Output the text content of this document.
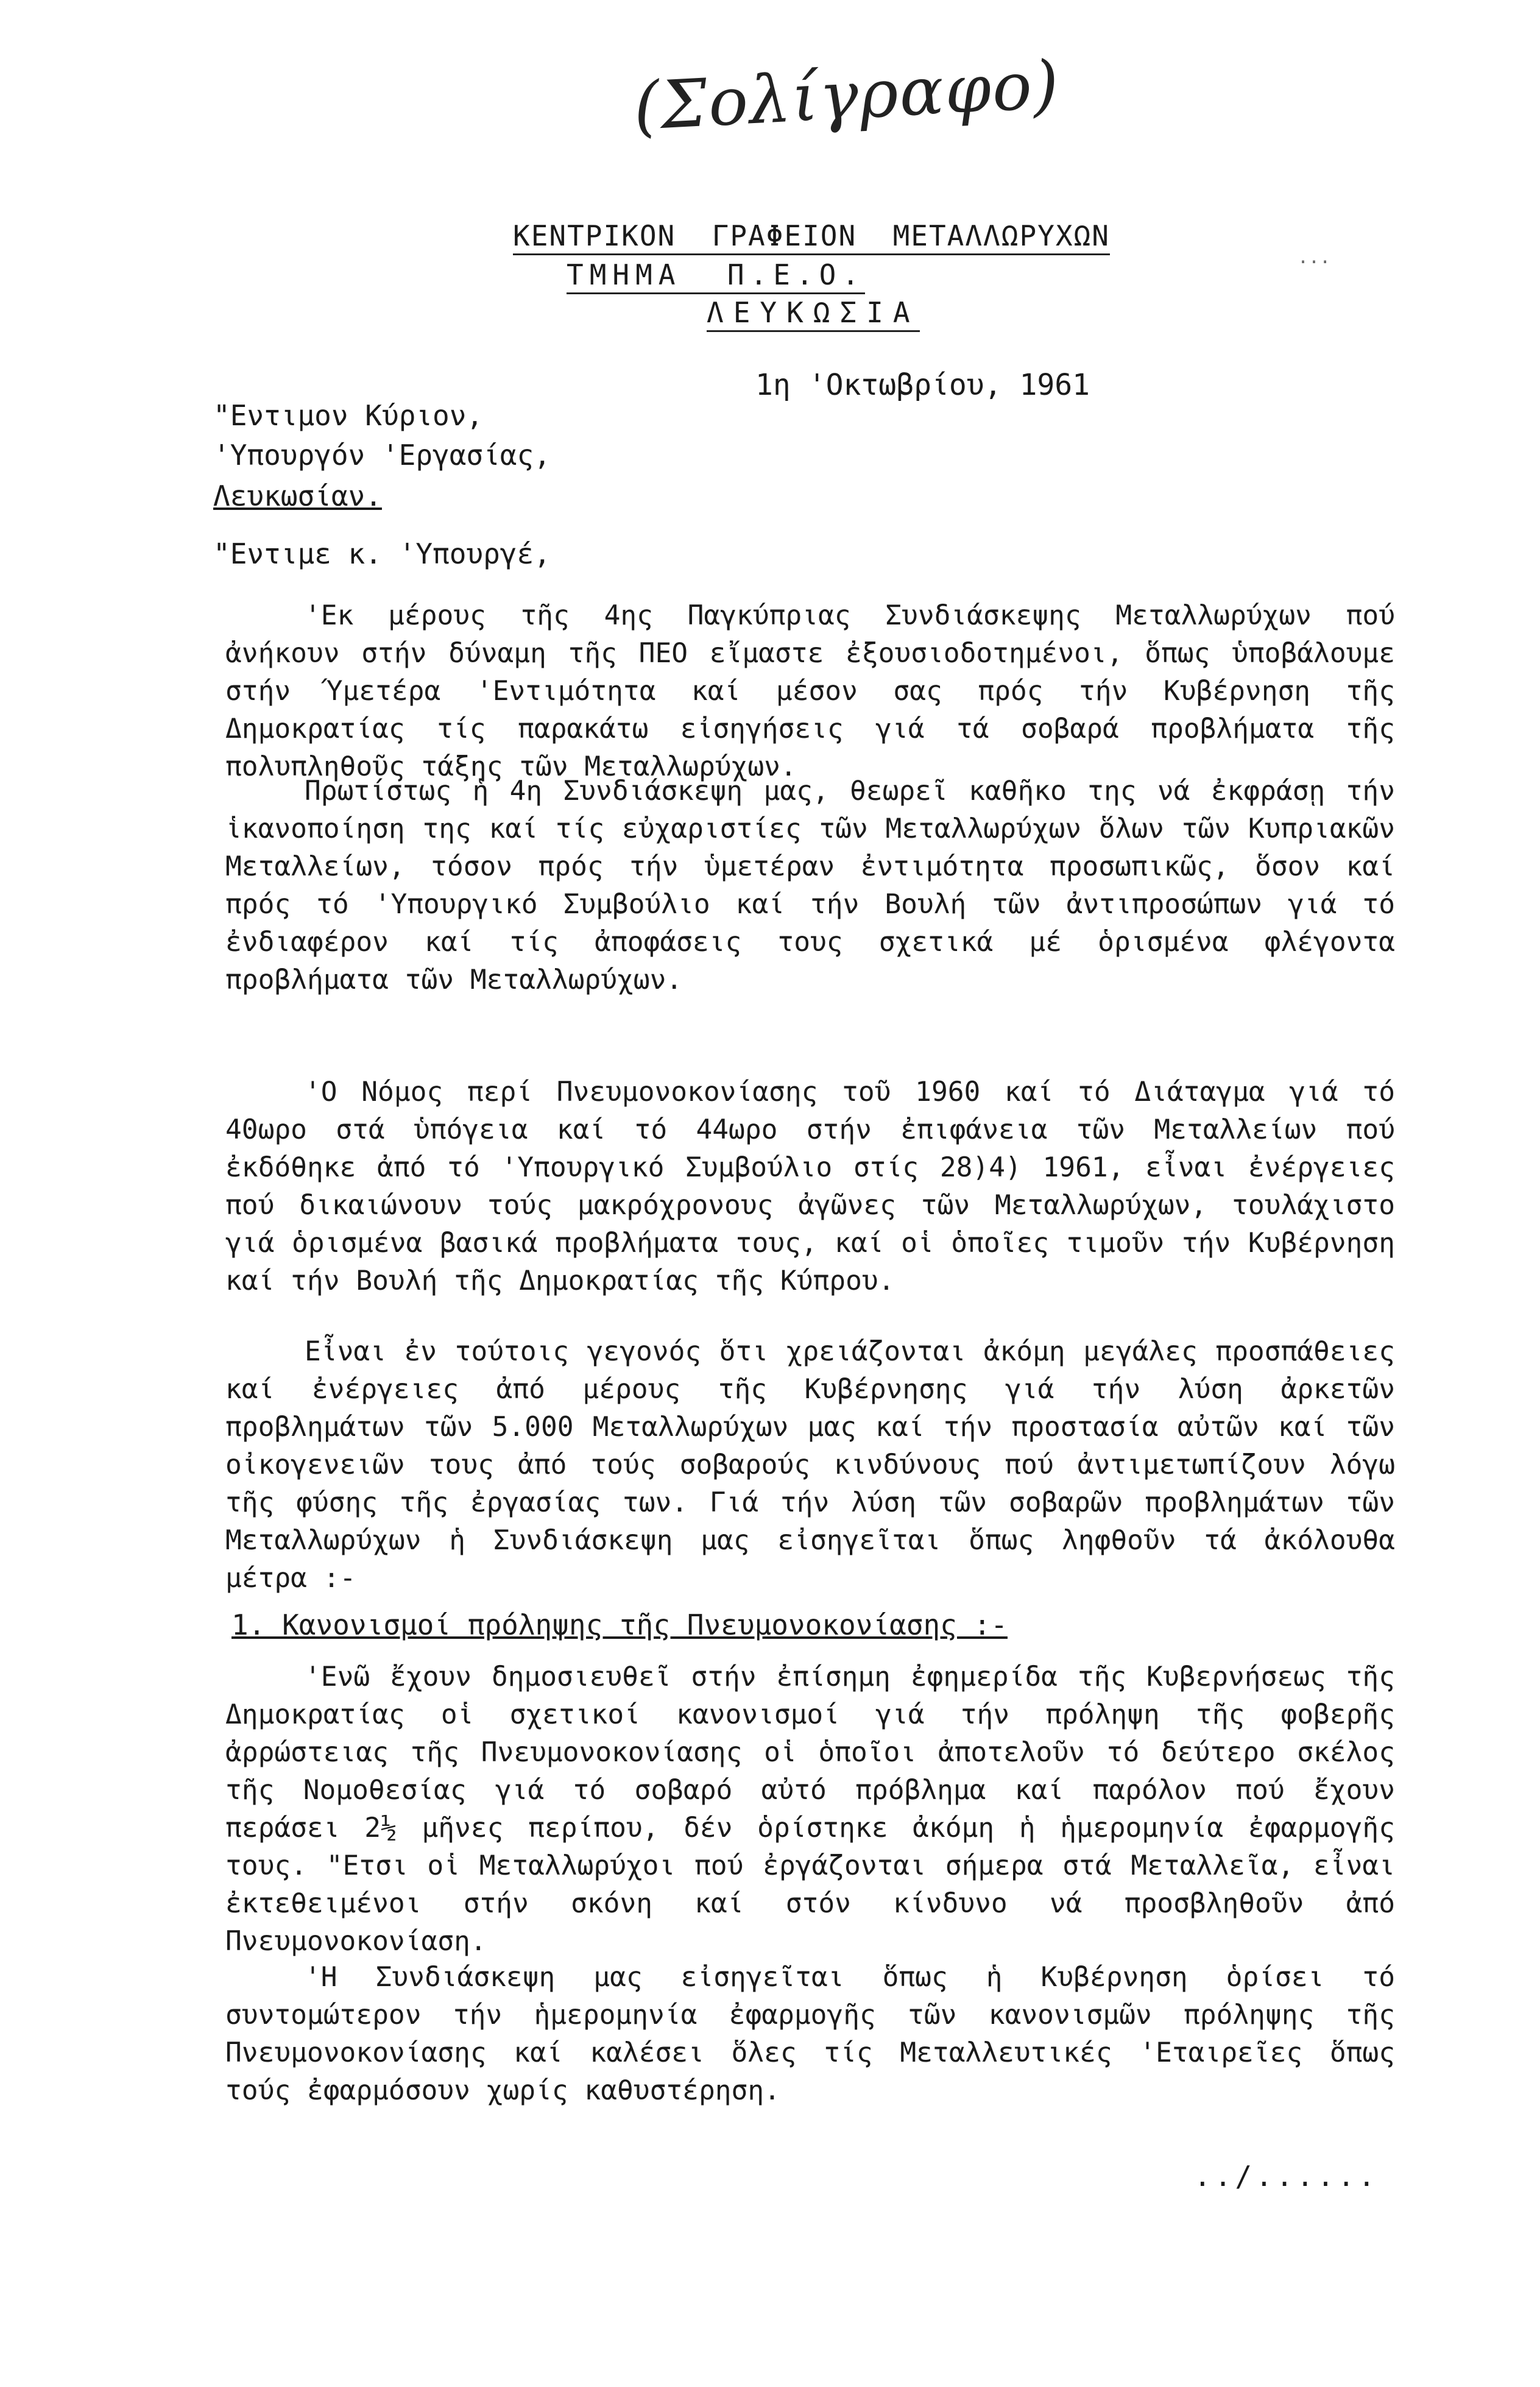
(Σολίγραφο)
ΚΕΝΤΡΙΚΟΝ  ΓΡΑΦΕΙΟΝ  ΜΕΤΑΛΛΩΡΥΧΩΝ
ΤΜΗΜΑ  Π.Ε.Ο.
...
ΛΕΥΚΩΣΙΑ
1η 'Οκτωβρίου, 1961
"Εντιμον Κύριον,
'Υπουργόν 'Εργασίας,
Λευκωσίαν.
"Εντιμε κ. 'Υπουργέ,
'Εκ μέρους τῆς 4ης Παγκύπριας Συνδιάσκεψης Μεταλλωρύχων πού ἀνήκουν στήν δύναμη τῆς ΠΕΟ εἴμαστε ἐξουσιοδοτημένοι, ὅπως ὑποβάλουμε στήν Ύμετέρα 'Εντιμότητα καί μέσον σας πρός τήν Κυβέρνηση τῆς Δημοκρατίας τίς παρακάτω εἰσηγήσεις γιά τά σοβαρά προβλήματα τῆς πολυπληθοῦς τάξης τῶν Μεταλλωρύχων.
Πρωτίστως ἡ 4η Συνδιάσκεψη μας, θεωρεῖ καθῆκο της νά ἐκφράσῃ τήν ἱκανοποίηση της καί τίς εὐχαριστίες τῶν Μεταλλωρύχων ὅλων τῶν Κυπριακῶν Μεταλλείων, τόσον πρός τήν ὑμετέραν ἐντιμότητα προσωπικῶς, ὅσον καί πρός τό 'Υπουργικό Συμβούλιο καί τήν Βουλή τῶν ἀντιπροσώπων γιά τό ἐνδιαφέρον καί τίς ἀποφάσεις τους σχετικά μέ ὁρισμένα φλέγοντα προβλήματα τῶν Μεταλλωρύχων.
'Ο Νόμος περί Πνευμονοκονίασης τοῦ 1960 καί τό Διάταγμα γιά τό 40ωρο στά ὑπόγεια καί τό 44ωρο στήν ἐπιφάνεια τῶν Μεταλλείων πού ἐκδόθηκε ἀπό τό 'Υπουργικό Συμβούλιο στίς 28)4) 1961, εἶναι ἐνέργειες πού δικαιώνουν τούς μακρόχρονους ἀγῶνες τῶν Μεταλλωρύχων, τουλάχιστο γιά ὁρισμένα βασικά προβλήματα τους, καί οἱ ὁποῖες τιμοῦν τήν Κυβέρνηση καί τήν Βουλή τῆς Δημοκρατίας τῆς Κύπρου.
Εἶναι ἐν τούτοις γεγονός ὅτι χρειάζονται ἀκόμη μεγάλες προσπάθειες καί ἐνέργειες ἀπό μέρους τῆς Κυβέρνησης γιά τήν λύση ἀρκετῶν προβλημάτων τῶν 5.000 Μεταλλωρύχων μας καί τήν προστασία αὐτῶν καί τῶν οἰκογενειῶν τους ἀπό τούς σοβαρούς κινδύνους πού ἀντιμετωπίζουν λόγω τῆς φύσης τῆς ἐργασίας των. Γιά τήν λύση τῶν σοβαρῶν προβλημάτων τῶν Μεταλλωρύχων ἡ Συνδιάσκεψη μας εἰσηγεῖται ὅπως ληφθοῦν τά ἀκόλουθα μέτρα :-
1. Κανονισμοί πρόληψης τῆς Πνευμονοκονίασης :-
'Ενῶ ἔχουν δημοσιευθεῖ στήν ἐπίσημη ἐφημερίδα τῆς Κυβερνήσεως τῆς Δημοκρατίας οἱ σχετικοί κανονισμοί γιά τήν πρόληψη τῆς φοβερῆς ἀρρώστειας τῆς Πνευμονοκονίασης οἱ ὁποῖοι ἀποτελοῦν τό δεύτερο σκέλος τῆς Νομοθεσίας γιά τό σοβαρό αὐτό πρόβλημα καί παρόλον πού ἔχουν περάσει 2½ μῆνες περίπου, δέν ὁρίστηκε ἀκόμη ἡ ἡμερομηνία ἐφαρμογῆς τους. "Ετσι οἱ Μεταλλωρύχοι πού ἐργάζονται σήμερα στά Μεταλλεῖα, εἶναι ἐκτεθειμένοι στήν σκόνη καί στόν κίνδυνο νά προσβληθοῦν ἀπό Πνευμονοκονίαση.
'Η Συνδιάσκεψη μας εἰσηγεῖται ὅπως ἡ Κυβέρνηση ὁρίσει τό συντομώτερον τήν ἡμερομηνία ἐφαρμογῆς τῶν κανονισμῶν πρόληψης τῆς Πνευμονοκονίασης καί καλέσει ὅλες τίς Μεταλλευτικές 'Εταιρεῖες ὅπως τούς ἐφαρμόσουν χωρίς καθυστέρηση.
../......
